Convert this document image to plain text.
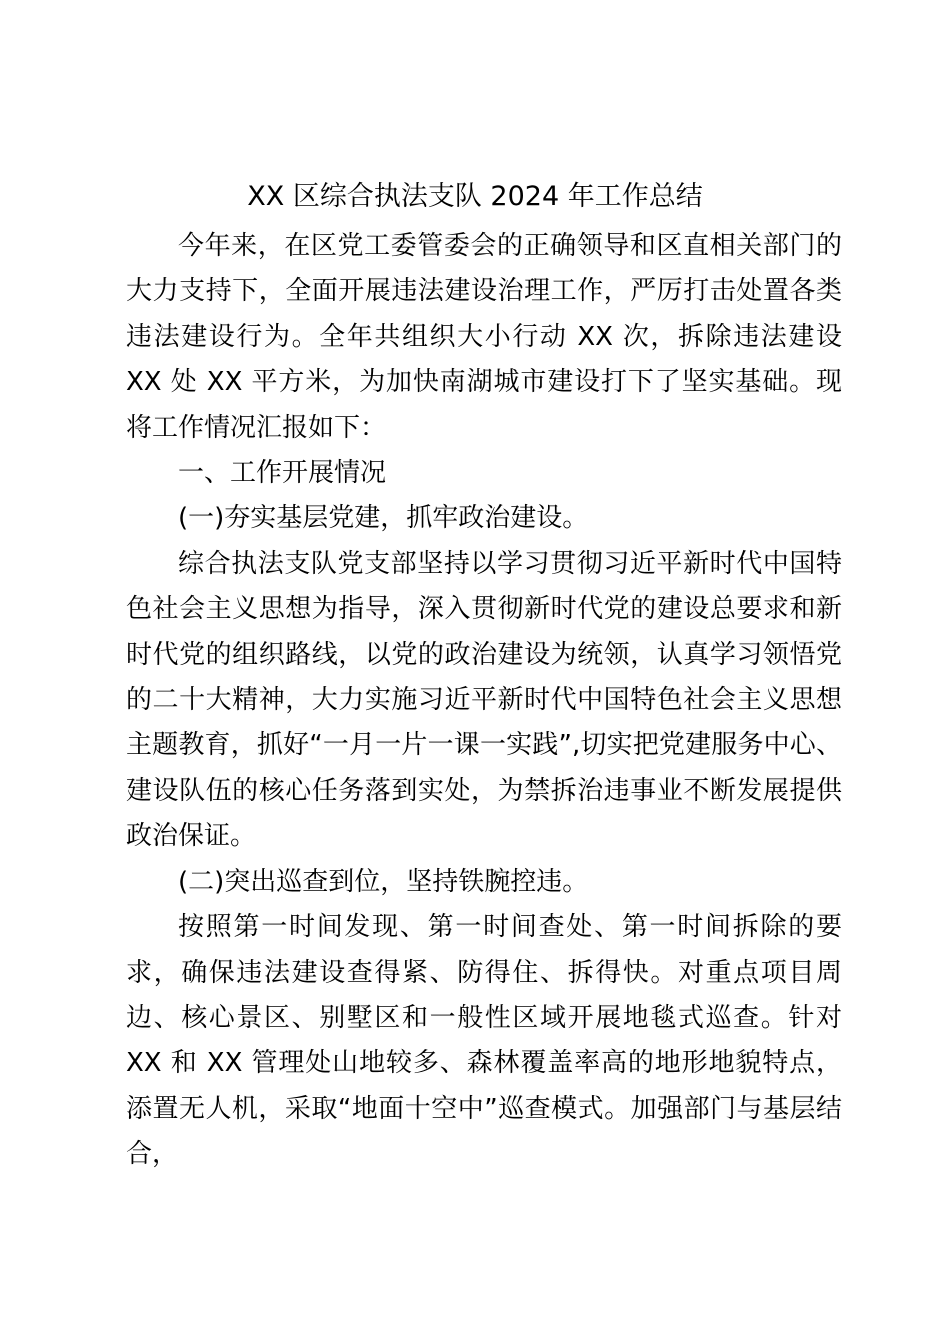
XX 区综合执法支队 2024 年工作总结

今年来，在区党工委管委会的正确领导和区直相关部门的大力支持下，全面开展违法建设治理工作，严厉打击处置各类违法建设行为。全年共组织大小行动 XX 次，拆除违法建设 XX 处 XX 平方米，为加快南湖城市建设打下了坚实基础。现将工作情况汇报如下：

一、工作开展情况

(一)夯实基层党建，抓牢政治建设。

综合执法支队党支部坚持以学习贯彻习近平新时代中国特色社会主义思想为指导，深入贯彻新时代党的建设总要求和新时代党的组织路线，以党的政治建设为统领，认真学习领悟党的二十大精神，大力实施习近平新时代中国特色社会主义思想主题教育，抓好“一月一片一课一实践”,切实把党建服务中心、建设队伍的核心任务落到实处，为禁拆治违事业不断发展提供政治保证。

(二)突出巡查到位，坚持铁腕控违。

按照第一时间发现、第一时间查处、第一时间拆除的要求，确保违法建设查得紧、防得住、拆得快。对重点项目周边、核心景区、别墅区和一般性区域开展地毯式巡查。针对 XX 和 XX 管理处山地较多、森林覆盖率高的地形地貌特点，添置无人机，采取“地面十空中”巡查模式。加强部门与基层结合，
